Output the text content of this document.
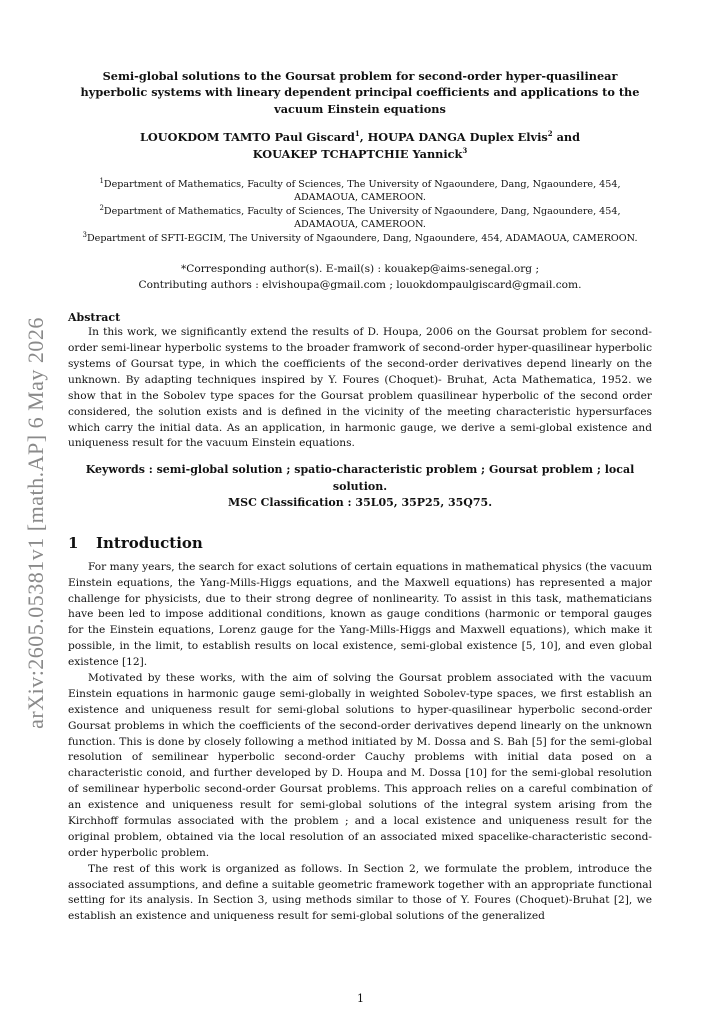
arXiv:2605.05381v1 [math.AP] 6 May 2026

Semi-global solutions to the Goursat problem for second-order hyper-quasilinear hyperbolic systems with lineary dependent principal coefficients and applications to the vacuum Einstein equations

LOUOKDOM TAMTO Paul Giscard$^1$, HOUPA DANGA Duplex Elvis$^2$ and
KOUAKEP TCHAPTCHIE Yannick$^3$

$^1$Department of Mathematics, Faculty of Sciences, The University of Ngaoundere, Dang, Ngaoundere, 454, ADAMAOUA, CAMEROON.

$^2$Department of Mathematics, Faculty of Sciences, The University of Ngaoundere, Dang, Ngaoundere, 454, ADAMAOUA, CAMEROON.

$^3$Department of SFTI-EGCIM, The University of Ngaoundere, Dang, Ngaoundere, 454, ADAMAOUA, CAMEROON.

*Corresponding author(s). E-mail(s) : kouakep@aims-senegal.org ;
Contributing authors : elvishoupa@gmail.com ; louokdompaulgiscard@gmail.com.

Abstract

In this work, we significantly extend the results of D. Houpa, 2006 on the Goursat problem for second-order semi-linear hyperbolic systems to the broader framwork of second-order hyper-quasilinear hyperbolic systems of Goursat type, in which the coefficients of the second-order derivatives depend linearly on the unknown. By adapting techniques inspired by Y. Foures (Choquet)- Bruhat, Acta Mathematica, 1952. we show that in the Sobolev type spaces for the Goursat problem quasilinear hyperbolic of the second order considered, the solution exists and is defined in the vicinity of the meeting characteristic hypersurfaces which carry the initial data. As an application, in harmonic gauge, we derive a semi-global existence and uniqueness result for the vacuum Einstein equations.

Keywords : semi-global solution ; spatio-characteristic problem ; Goursat problem ; local solution.

MSC Classification : 35L05, 35P25, 35Q75.

1 Introduction

For many years, the search for exact solutions of certain equations in mathematical physics (the vacuum Einstein equations, the Yang-Mills-Higgs equations, and the Maxwell equations) has represented a major challenge for physicists, due to their strong degree of nonlinearity. To assist in this task, mathematicians have been led to impose additional conditions, known as gauge conditions (harmonic or temporal gauges for the Einstein equations, Lorenz gauge for the Yang-Mills-Higgs and Maxwell equations), which make it possible, in the limit, to establish results on local existence, semi-global existence [5, 10], and even global existence [12].

Motivated by these works, with the aim of solving the Goursat problem associated with the vacuum Einstein equations in harmonic gauge semi-globally in weighted Sobolev-type spaces, we first establish an existence and uniqueness result for semi-global solutions to hyper-quasilinear hyperbolic second-order Goursat problems in which the coefficients of the second-order derivatives depend linearly on the unknown function. This is done by closely following a method initiated by M. Dossa and S. Bah [5] for the semi-global resolution of semilinear hyperbolic second-order Cauchy problems with initial data posed on a characteristic conoid, and further developed by D. Houpa and M. Dossa [10] for the semi-global resolution of semilinear hyperbolic second-order Goursat problems. This approach relies on a careful combination of an existence and uniqueness result for semi-global solutions of the integral system arising from the Kirchhoff formulas associated with the problem ; and a local existence and uniqueness result for the original problem, obtained via the local resolution of an associated mixed spacelike-characteristic second-order hyperbolic problem.

The rest of this work is organized as follows. In Section 2, we formulate the problem, introduce the associated assumptions, and define a suitable geometric framework together with an appropriate functional setting for its analysis. In Section 3, using methods similar to those of Y. Foures (Choquet)-Bruhat [2], we establish an existence and uniqueness result for semi-global solutions of the generalized

1
